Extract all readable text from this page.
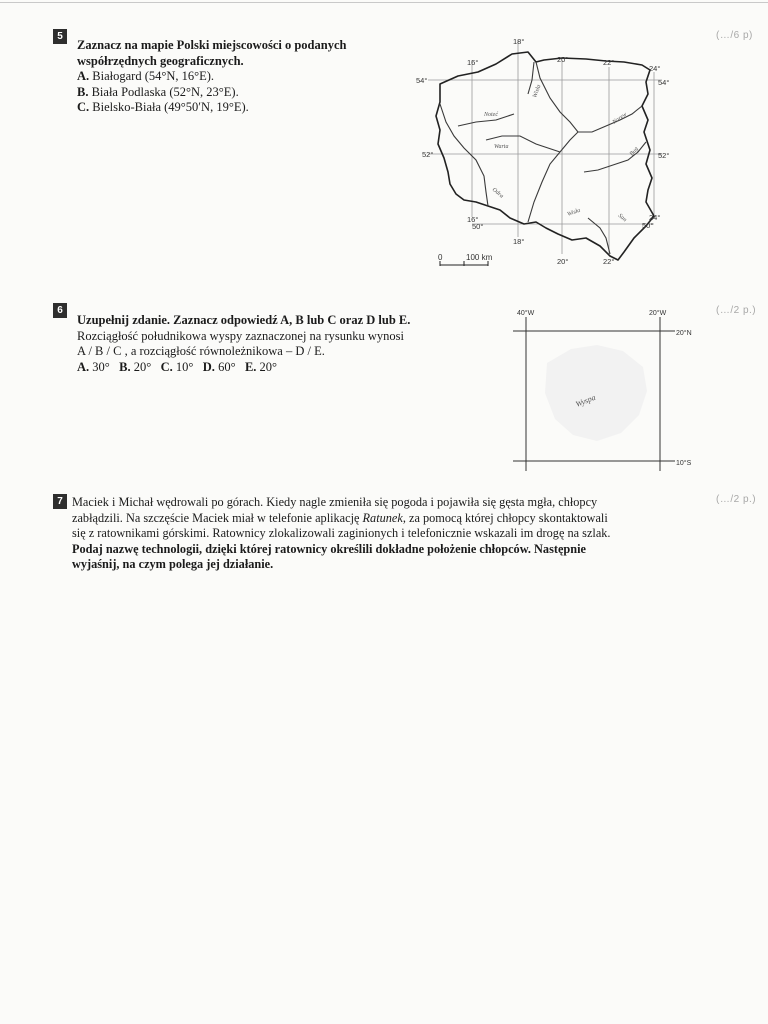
5	(…/6 p)
Zaznacz na mapie Polski miejscowości o podanych
współrzędnych geograficznych.
A. Białogard (54°N, 16°E).
B. Biała Podlaska (52°N, 23°E).
C. Bielsko-Biała (49°50′N, 19°E).
18°
16°	20°	22°
24°
16°
18°
20°	22°
24°
54°
52°
50°
54°
52°
50°
Noteć
Warta
Odra
Wisła
San
Narew
Bug
Wisła
0	100 km
6	(…/2 p.)
Uzupełnij zdanie. Zaznacz odpowiedź A, B lub C oraz D lub E.
Rozciągłość południkowa wyspy zaznaczonej na rysunku wynosi
A / B / C , a rozciągłość równoleżnikowa – D / E.
A. 30° B. 20° C. 10° D. 60° E. 20°
40°W	20°W
20°N
10°S
Wyspa
7	(…/2 p.)
Maciek i Michał wędrowali po górach. Kiedy nagle zmieniła się pogoda i pojawiła się gęsta mgła, chłopcy
zabłądzili. Na szczęście Maciek miał w telefonie aplikację Ratunek, za pomocą której chłopcy skontaktowali
się z ratownikami górskimi. Ratownicy zlokalizowali zaginionych i telefonicznie wskazali im drogę na szlak.
Podaj nazwę technologii, dzięki której ratownicy określili dokładne położenie chłopców. Następnie
wyjaśnij, na czym polega jej działanie.
